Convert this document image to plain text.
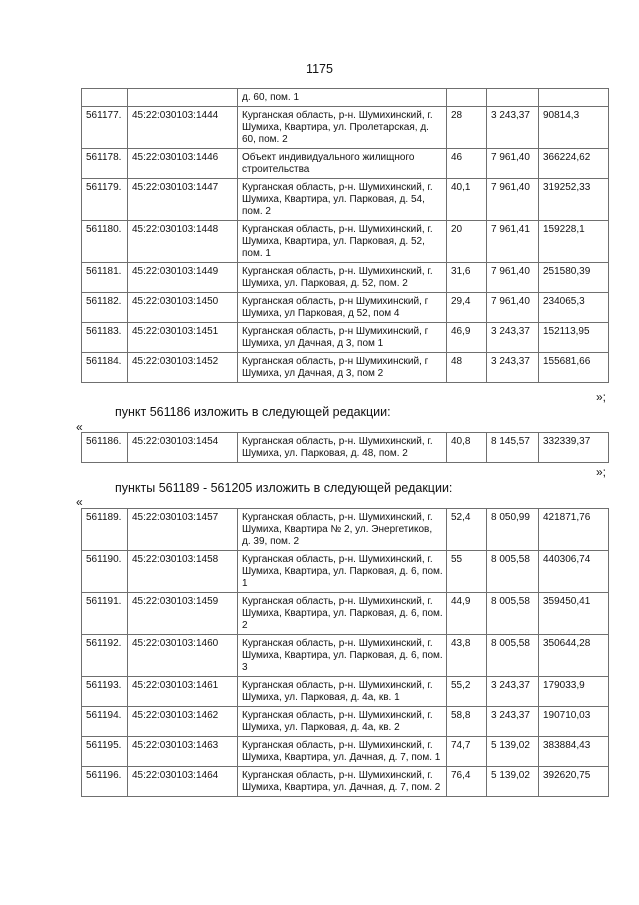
1175
		д. 60, пом. 1			
561177.	45:22:030103:1444	Курганская область, р-н. Шумихинский, г. Шумиха, Квартира, ул. Пролетарская, д. 60, пом. 2	28	3 243,37	90814,3
561178.	45:22:030103:1446	Объект индивидуального жилищного строительства	46	7 961,40	366224,62
561179.	45:22:030103:1447	Курганская область, р-н. Шумихинский, г. Шумиха, Квартира, ул. Парковая, д. 54, пом. 2	40,1	7 961,40	319252,33
561180.	45:22:030103:1448	Курганская область, р-н. Шумихинский, г. Шумиха, Квартира, ул. Парковая, д. 52, пом. 1	20	7 961,41	159228,1
561181.	45:22:030103:1449	Курганская область, р-н. Шумихинский, г. Шумиха, ул. Парковая, д. 52, пом. 2	31,6	7 961,40	251580,39
561182.	45:22:030103:1450	Курганская область, р-н Шумихинский, г Шумиха, ул Парковая, д 52, пом 4	29,4	7 961,40	234065,3
561183.	45:22:030103:1451	Курганская область, р-н Шумихинский, г Шумиха, ул Дачная, д 3, пом 1	46,9	3 243,37	152113,95
561184.	45:22:030103:1452	Курганская область, р-н Шумихинский, г Шумиха, ул Дачная, д 3, пом 2	48	3 243,37	155681,66
»;
пункт 561186 изложить в следующей редакции:
«
561186.	45:22:030103:1454	Курганская область, р-н. Шумихинский, г. Шумиха, ул. Парковая, д. 48, пом. 2	40,8	8 145,57	332339,37
»;
пункты 561189 - 561205 изложить в следующей редакции:
«
561189.	45:22:030103:1457	Курганская область, р-н. Шумихинский, г. Шумиха, Квартира № 2, ул. Энергетиков, д. 39, пом. 2	52,4	8 050,99	421871,76
561190.	45:22:030103:1458	Курганская область, р-н. Шумихинский, г. Шумиха, Квартира, ул. Парковая, д. 6, пом. 1	55	8 005,58	440306,74
561191.	45:22:030103:1459	Курганская область, р-н. Шумихинский, г. Шумиха, Квартира, ул. Парковая, д. 6, пом. 2	44,9	8 005,58	359450,41
561192.	45:22:030103:1460	Курганская область, р-н. Шумихинский, г. Шумиха, Квартира, ул. Парковая, д. 6, пом. 3	43,8	8 005,58	350644,28
561193.	45:22:030103:1461	Курганская область, р-н. Шумихинский, г. Шумиха, ул. Парковая, д. 4а, кв. 1	55,2	3 243,37	179033,9
561194.	45:22:030103:1462	Курганская область, р-н. Шумихинский, г. Шумиха, ул. Парковая, д. 4а, кв. 2	58,8	3 243,37	190710,03
561195.	45:22:030103:1463	Курганская область, р-н. Шумихинский, г. Шумиха, Квартира, ул. Дачная, д. 7, пом. 1	74,7	5 139,02	383884,43
561196.	45:22:030103:1464	Курганская область, р-н. Шумихинский, г. Шумиха, Квартира, ул. Дачная, д. 7, пом. 2	76,4	5 139,02	392620,75
